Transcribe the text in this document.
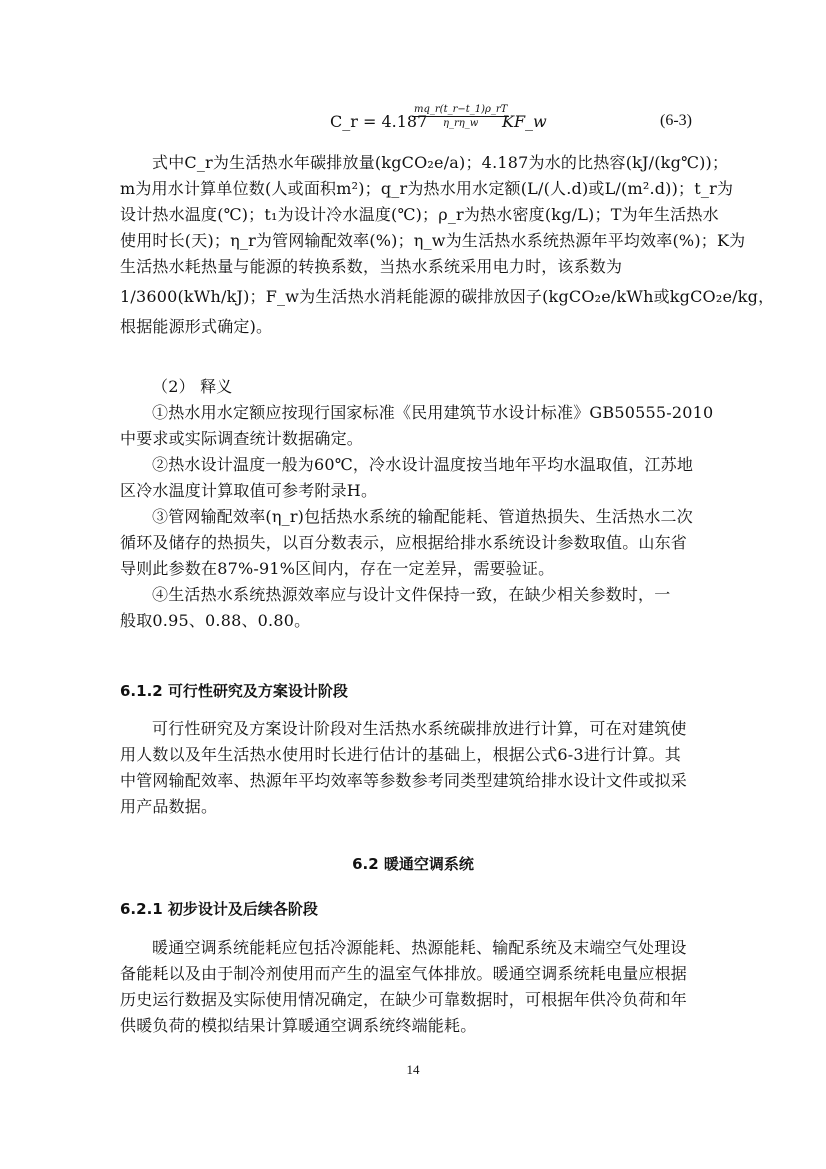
C_r = 4.187
$\frac{mq\_r(t\_r-t\_1)\rho\_rT}{\eta\_r\eta\_w}$
KF_w	(6-3)
式中C_r为生活热水年碳排放量(kgCO₂e/a)；4.187为水的比热容(kJ/(kg℃))；
m为用水计算单位数(人或面积m²)；q_r为热水用水定额(L/(人.d)或L/(m².d))；t_r为
设计热水温度(℃)；t₁为设计冷水温度(℃)；ρ_r为热水密度(kg/L)；T为年生活热水
使用时长(天)；η_r为管网输配效率(%)；η_w为生活热水系统热源年平均效率(%)；K为
生活热水耗热量与能源的转换系数，当热水系统采用电力时，该系数为
1/3600(kWh/kJ)；F_w为生活热水消耗能源的碳排放因子(kgCO₂e/kWh或kgCO₂e/kg，
根据能源形式确定)。
（2） 释义
①热水用水定额应按现行国家标准《民用建筑节水设计标准》GB50555-2010
中要求或实际调查统计数据确定。
②热水设计温度一般为60℃，冷水设计温度按当地年平均水温取值，江苏地
区冷水温度计算取值可参考附录H。
③管网输配效率(η_r)包括热水系统的输配能耗、管道热损失、生活热水二次
循环及储存的热损失，以百分数表示，应根据给排水系统设计参数取值。山东省
导则此参数在87%-91%区间内，存在一定差异，需要验证。
④生活热水系统热源效率应与设计文件保持一致，在缺少相关参数时，一
般取0.95、0.88、0.80。
6.1.2 可行性研究及方案设计阶段
可行性研究及方案设计阶段对生活热水系统碳排放进行计算，可在对建筑使
用人数以及年生活热水使用时长进行估计的基础上，根据公式6-3进行计算。其
中管网输配效率、热源年平均效率等参数参考同类型建筑给排水设计文件或拟采
用产品数据。
6.2 暖通空调系统
6.2.1 初步设计及后续各阶段
暖通空调系统能耗应包括冷源能耗、热源能耗、输配系统及末端空气处理设
备能耗以及由于制冷剂使用而产生的温室气体排放。暖通空调系统耗电量应根据
历史运行数据及实际使用情况确定，在缺少可靠数据时，可根据年供冷负荷和年
供暖负荷的模拟结果计算暖通空调系统终端能耗。
14
